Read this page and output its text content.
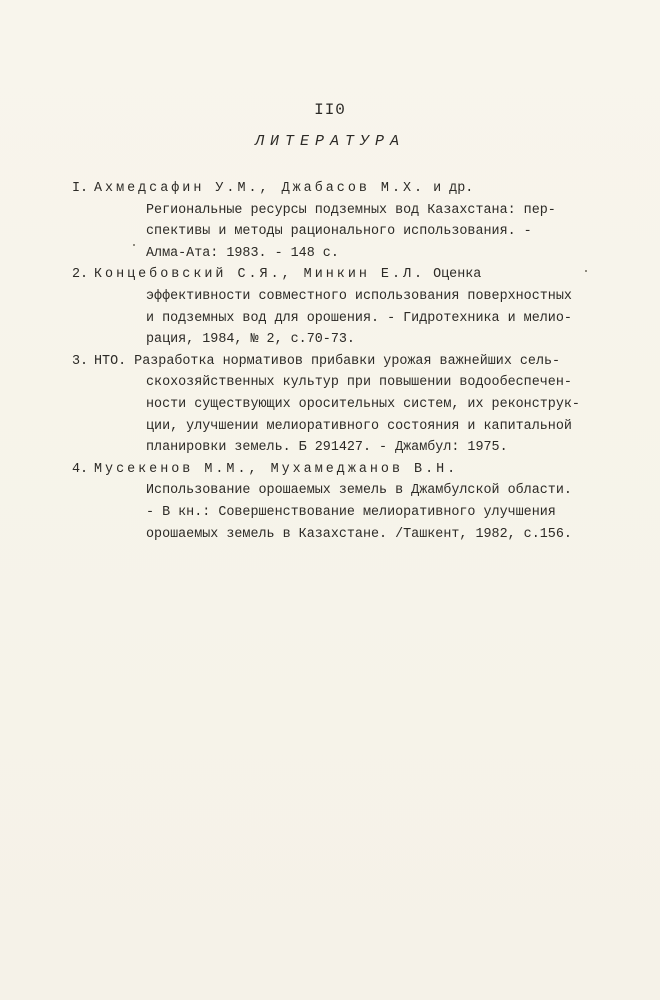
II0
ЛИТЕРАТУРА
I. Ахмедсафин У.М., Джабасов М.Х. и др.
Региональные ресурсы подземных вод Казахстана: пер-
спективы и методы рационального использования. -
Алма-Ата: 1983. - 148 с.
2. Концебовский С.Я., Минкин Е.Л. Оценка
эффективности совместного использования поверхностных
и подземных вод для орошения. - Гидротехника и мелио-
рация, 1984, № 2, с.70-73.
3. НТО. Разработка нормативов прибавки урожая важнейших сель-
скохозяйственных культур при повышении водообеспечен-
ности существующих оросительных систем, их реконструк-
ции, улучшении мелиоративного состояния и капитальной
планировки земель. Б 291427. - Джамбул: 1975.
4. Мусекенов М.М., Мухамеджанов В.Н.
Использование орошаемых земель в Джамбулской области.
- В кн.: Совершенствование мелиоративного улучшения
орошаемых земель в Казахстане. /Ташкент, 1982, с.156.
